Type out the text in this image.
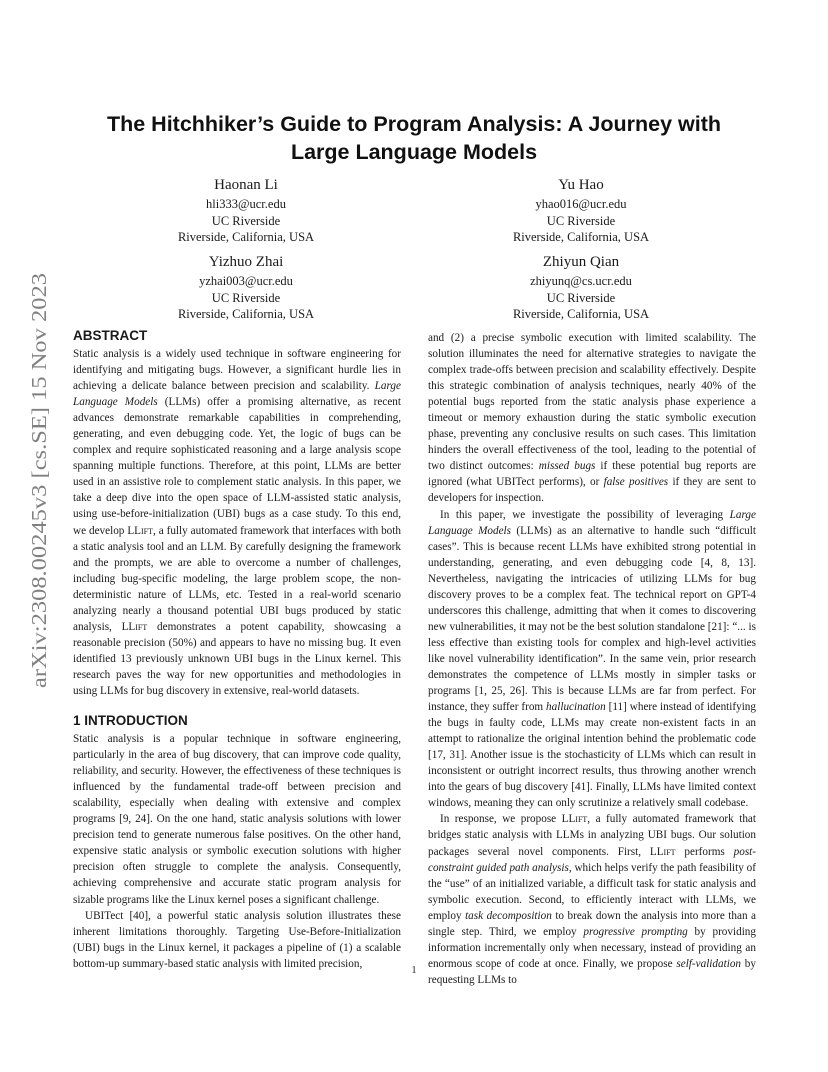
arXiv:2308.00245v3 [cs.SE] 15 Nov 2023
The Hitchhiker’s Guide to Program Analysis: A Journey with
Large Language Models
Haonan Li
hli333@ucr.edu
UC Riverside
Riverside, California, USA
Yu Hao
yhao016@ucr.edu
UC Riverside
Riverside, California, USA
Yizhuo Zhai
yzhai003@ucr.edu
UC Riverside
Riverside, California, USA
Zhiyun Qian
zhiyunq@cs.ucr.edu
UC Riverside
Riverside, California, USA
ABSTRACT

Static analysis is a widely used technique in software engineering for identifying and mitigating bugs. However, a significant hurdle lies in achieving a delicate balance between precision and scalability. Large Language Models (LLMs) offer a promising alternative, as recent advances demonstrate remarkable capabilities in comprehending, generating, and even debugging code. Yet, the logic of bugs can be complex and require sophisticated reasoning and a large analysis scope spanning multiple functions. Therefore, at this point, LLMs are better used in an assistive role to complement static analysis. In this paper, we take a deep dive into the open space of LLM-assisted static analysis, using use-before-initialization (UBI) bugs as a case study. To this end, we develop LLift, a fully automated framework that interfaces with both a static analysis tool and an LLM. By carefully designing the framework and the prompts, we are able to overcome a number of challenges, including bug-specific modeling, the large problem scope, the non-deterministic nature of LLMs, etc. Tested in a real-world scenario analyzing nearly a thousand potential UBI bugs produced by static analysis, LLift demonstrates a potent capability, showcasing a reasonable precision (50%) and appears to have no missing bug. It even identified 13 previously unknown UBI bugs in the Linux kernel. This research paves the way for new opportunities and methodologies in using LLMs for bug discovery in extensive, real-world datasets.

1 INTRODUCTION

Static analysis is a popular technique in software engineering, particularly in the area of bug discovery, that can improve code quality, reliability, and security. However, the effectiveness of these techniques is influenced by the fundamental trade-off between precision and scalability, especially when dealing with extensive and complex programs [9, 24]. On the one hand, static analysis solutions with lower precision tend to generate numerous false positives. On the other hand, expensive static analysis or symbolic execution solutions with higher precision often struggle to complete the analysis. Consequently, achieving comprehensive and accurate static program analysis for sizable programs like the Linux kernel poses a significant challenge.

UBITect [40], a powerful static analysis solution illustrates these inherent limitations thoroughly. Targeting Use-Before-Initialization (UBI) bugs in the Linux kernel, it packages a pipeline of (1) a scalable bottom-up summary-based static analysis with limited precision,

and (2) a precise symbolic execution with limited scalability. The solution illuminates the need for alternative strategies to navigate the complex trade-offs between precision and scalability effectively. Despite this strategic combination of analysis techniques, nearly 40% of the potential bugs reported from the static analysis phase experience a timeout or memory exhaustion during the static symbolic execution phase, preventing any conclusive results on such cases. This limitation hinders the overall effectiveness of the tool, leading to the potential of two distinct outcomes: missed bugs if these potential bug reports are ignored (what UBITect performs), or false positives if they are sent to developers for inspection.

In this paper, we investigate the possibility of leveraging Large Language Models (LLMs) as an alternative to handle such “difficult cases”. This is because recent LLMs have exhibited strong potential in understanding, generating, and even debugging code [4, 8, 13]. Nevertheless, navigating the intricacies of utilizing LLMs for bug discovery proves to be a complex feat. The technical report on GPT-4 underscores this challenge, admitting that when it comes to discovering new vulnerabilities, it may not be the best solution standalone [21]: “... is less effective than existing tools for complex and high-level activities like novel vulnerability identification”. In the same vein, prior research demonstrates the competence of LLMs mostly in simpler tasks or programs [1, 25, 26]. This is because LLMs are far from perfect. For instance, they suffer from hallucination [11] where instead of identifying the bugs in faulty code, LLMs may create non-existent facts in an attempt to rationalize the original intention behind the problematic code [17, 31]. Another issue is the stochasticity of LLMs which can result in inconsistent or outright incorrect results, thus throwing another wrench into the gears of bug discovery [41]. Finally, LLMs have limited context windows, meaning they can only scrutinize a relatively small codebase.

In response, we propose LLift, a fully automated framework that bridges static analysis with LLMs in analyzing UBI bugs. Our solution packages several novel components. First, LLift performs post-constraint guided path analysis, which helps verify the path feasibility of the “use” of an initialized variable, a difficult task for static analysis and symbolic execution. Second, to efficiently interact with LLMs, we employ task decomposition to break down the analysis into more than a single step. Third, we employ progressive prompting by providing information incrementally only when necessary, instead of providing an enormous scope of code at once. Finally, we propose self-validation by requesting LLMs to

1
